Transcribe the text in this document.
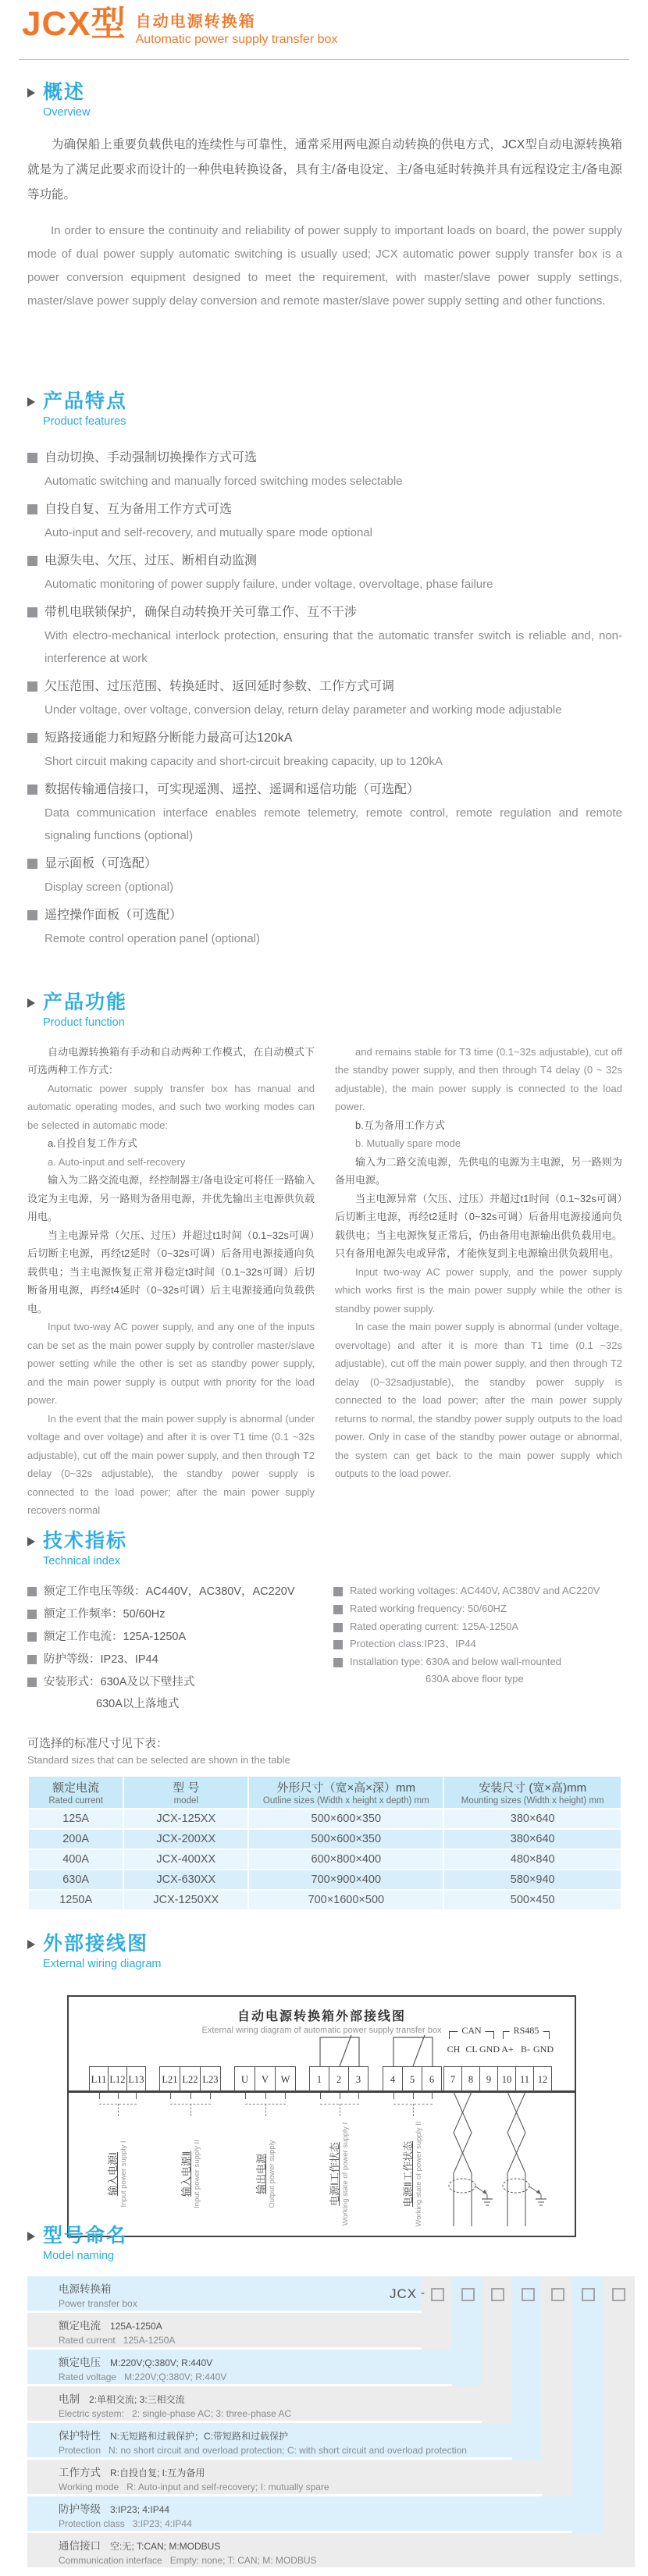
JCX型 自动电源转换箱
Automatic power supply transfer box
概述
Overview

为确保船上重要负载供电的连续性与可靠性，通常采用两电源自动转换的供电方式，JCX型自动电源转换箱就是为了满足此要求而设计的一种供电转换设备，具有主/备电设定、主/备电延时转换并具有远程设定主/备电源等功能。

In order to ensure the continuity and reliability of power supply to important loads on board, the power supply mode of dual power supply automatic switching is usually used; JCX automatic power supply transfer box is a power conversion equipment designed to meet the requirement, with master/slave power supply settings, master/slave power supply delay conversion and remote master/slave power supply setting and other functions.

产品特点
Product features
自动切换、手动强制切换操作方式可选
Automatic switching and manually forced switching modes selectable
自投自复、互为备用工作方式可选
Auto-input and self-recovery, and mutually spare mode optional
电源失电、欠压、过压、断相自动监测
Automatic monitoring of power supply failure, under voltage, overvoltage, phase failure
带机电联锁保护，确保自动转换开关可靠工作、互不干涉
With electro-mechanical interlock protection, ensuring that the automatic transfer switch is reliable and, non-interference at work
欠压范围、过压范围、转换延时、返回延时参数、工作方式可调
Under voltage, over voltage, conversion delay, return delay parameter and working mode adjustable
短路接通能力和短路分断能力最高可达120kA
Short circuit making capacity and short-circuit breaking capacity, up to 120kA
数据传输通信接口，可实现遥测、遥控、遥调和遥信功能（可选配）
Data communication interface enables remote telemetry, remote control, remote regulation and remote signaling functions (optional)
显示面板（可选配）
Display screen (optional)
遥控操作面板（可选配）
Remote control operation panel (optional)
产品功能
Product function

自动电源转换箱有手动和自动两种工作模式，在自动模式下可选两种工作方式：

Automatic power supply transfer box has manual and automatic operating modes, and such two working modes can be selected in automatic mode:

a.自投自复工作方式

a. Auto-input and self-recovery

输入为二路交流电源，经控制器主/备电设定可将任一路输入设定为主电源，另一路则为备用电源，并优先输出主电源供负载用电。

当主电源异常（欠压、过压）并超过t1时间（0.1~32s可调）后切断主电源，再经t2延时（0~32s可调）后备用电源接通向负载供电；当主电源恢复正常并稳定t3时间（0.1~32s可调）后切断备用电源，再经t4延时（0~32s可调）后主电源接通向负载供电。

Input two-way AC power supply, and any one of the inputs can be set as the main power supply by controller master/slave power setting while the other is set as standby power supply, and the main power supply is output with priority for the load power.

In the event that the main power supply is abnormal (under voltage and over voltage) and after it is over T1 time (0.1 ~32s adjustable), cut off the main power supply, and then through T2 delay (0~32s adjustable), the standby power supply is connected to the load power; after the main power supply recovers normal

and remains stable for T3 time (0.1~32s adjustable), cut off the standby power supply, and then through T4 delay (0 ~ 32s adjustable), the main power supply is connected to the load power.

b.互为备用工作方式

b. Mutually spare mode

输入为二路交流电源，先供电的电源为主电源，另一路则为备用电源。

当主电源异常（欠压、过压）并超过t1时间（0.1~32s可调）后切断主电源，再经t2延时（0~32s可调）后备用电源接通向负载供电；当主电源恢复正常后，仍由备用电源输出供负载用电。只有备用电源失电或异常，才能恢复到主电源输出供负载用电。

Input two-way AC power supply, and the power supply which works first is the main power supply while the other is standby power supply.

In case the main power supply is abnormal (under voltage, overvoltage) and after it is more than T1 time (0.1 ~32s adjustable), cut off the main power supply, and then through T2 delay (0~32sadjustable), the standby power supply is connected to the load power; after the main power supply returns to normal, the standby power supply outputs to the load power. Only in case of the standby power outage or abnormal, the system can get back to the main power supply which outputs to the load power.

技术指标
Technical index
额定工作电压等级：AC440V，AC380V，AC220V
额定工作频率：50/60Hz
额定工作电流：125A-1250A
防护等级：IP23、IP44
安装形式：630A及以下壁挂式
630A以上落地式
Rated working voltages: AC440V, AC380V and AC220V
Rated working frequency: 50/60HZ
Rated operating current: 125A-1250A
Protection class:IP23、IP44
Installation type: 630A and below wall-mounted
630A above floor type
可选择的标准尺寸见下表：
Standard sizes that can be selected are shown in the table
额定电流
Rated current	型 号
model	外形尺寸（宽×高×深）mm
Outline sizes (Width x height x depth) mm	安装尺寸 (宽×高)mm
Mounting sizes (Width x height) mm

125A	JCX-125XX	500×600×350	380×640
200A	JCX-200XX	500×600×350	380×640
400A	JCX-400XX	600×800×400	480×840
630A	JCX-630XX	700×900×400	580×940
1250A	JCX-1250XX	700×1600×500	500×450
外部接线图
External wiring diagram
自动电源转换箱外部接线图
External wiring diagram of automatic power supply transfer box	CAN	RS485
CH CL GND A+ B- GND
L11 L12 L13 L21 L22 L23	U	V	W	1	2	3	4	5	6	7	8	9	10 11 12
输入电源Ⅰ Input power supply I	输入电源Ⅱ Input power supply II	输出电源 Output power supply	电源Ⅰ工作状态 Working state of power supply I	电源Ⅱ工作状态 Working state of power supply II
型号命名
Model naming
电源转换箱
Power transfer box
额定电流 125A-1250A
Rated current 125A-1250A
额定电压 M:220V;Q:380V; R:440V
Rated voltage M:220V;Q:380V; R:440V
电制 2:单相交流; 3:三相交流
Electric system: 2: single-phase AC; 3: three-phase AC
保护特性 N:无短路和过载保护；C:带短路和过载保护
Protection N: no short circuit and overload protection; C: with short circuit and overload protection
工作方式 R:自投自复; I:互为备用
Working mode R: Auto-input and self-recovery; I: mutually spare
防护等级 3:IP23; 4:IP44
Protection class 3:IP23; 4:IP44
通信接口 空:无; T:CAN; M:MODBUS
Communication interface Empty: none; T: CAN; M: MODBUS
JCX -
